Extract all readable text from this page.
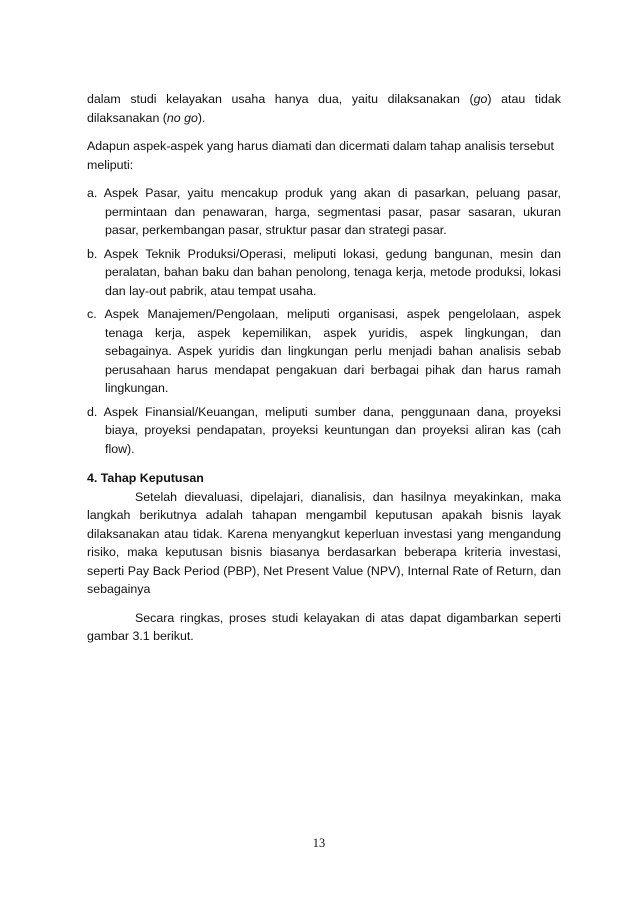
dalam studi kelayakan usaha hanya dua, yaitu dilaksanakan (go) atau tidak dilaksanakan (no go).

Adapun aspek-aspek yang harus diamati dan dicermati dalam tahap analisis tersebut meliputi:

a. Aspek Pasar, yaitu mencakup produk yang akan di pasarkan, peluang pasar, permintaan dan penawaran, harga, segmentasi pasar, pasar sasaran, ukuran pasar, perkembangan pasar, struktur pasar dan strategi pasar.

b. Aspek Teknik Produksi/Operasi, meliputi lokasi, gedung bangunan, mesin dan peralatan, bahan baku dan bahan penolong, tenaga kerja, metode produksi, lokasi dan lay-out pabrik, atau tempat usaha.

c. Aspek Manajemen/Pengolaan, meliputi organisasi, aspek pengelolaan, aspek tenaga kerja, aspek kepemilikan, aspek yuridis, aspek lingkungan, dan sebagainya. Aspek yuridis dan lingkungan perlu menjadi bahan analisis sebab perusahaan harus mendapat pengakuan dari berbagai pihak dan harus ramah lingkungan.

d. Aspek Finansial/Keuangan, meliputi sumber dana, penggunaan dana, proyeksi biaya, proyeksi pendapatan, proyeksi keuntungan dan proyeksi aliran kas (cah flow).

4. Tahap Keputusan

Setelah dievaluasi, dipelajari, dianalisis, dan hasilnya meyakinkan, maka langkah berikutnya adalah tahapan mengambil keputusan apakah bisnis layak dilaksanakan atau tidak. Karena menyangkut keperluan investasi yang mengandung risiko, maka keputusan bisnis biasanya berdasarkan beberapa kriteria investasi, seperti Pay Back Period (PBP), Net Present Value (NPV), Internal Rate of Return, dan sebagainya

Secara ringkas, proses studi kelayakan di atas dapat digambarkan seperti gambar 3.1 berikut.

13
